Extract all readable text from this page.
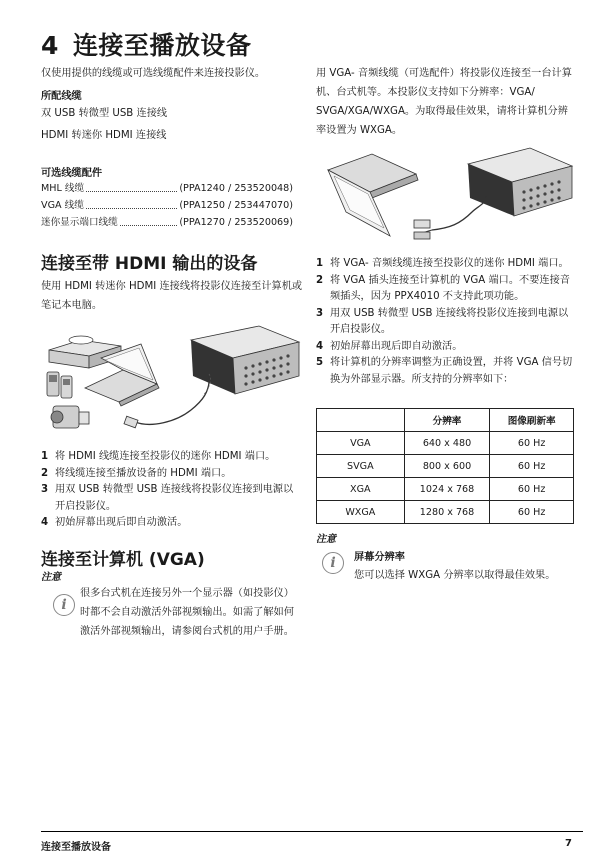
4 连接至播放设备
仅使用提供的线缆或可选线缆配件来连接投影仪。
所配线缆
双 USB 转微型 USB 连接线
HDMI 转迷你 HDMI 连接线
可选线缆配件
MHL 线缆	(PPA1240 / 253520048)
VGA 线缆	(PPA1250 / 253447070)
迷你显示端口线缆	(PPA1270 / 253520069)
连接至带 HDMI 输出的设备
使用 HDMI 转迷你 HDMI 连接线将投影仪连接至计算机或笔记本电脑。
1 将 HDMI 线缆连接至投影仪的迷你 HDMI 端口。
2 将线缆连接至播放设备的 HDMI 端口。
3 用双 USB 转微型 USB 连接线将投影仪连接到电源以开启投影仪。
4 初始屏幕出现后即自动激活。
连接至计算机 (VGA)
注意
i
很多台式机在连接另外一个显示器（如投影仪）时都不会自动激活外部视频输出。如需了解如何激活外部视频输出，请参阅台式机的用户手册。
用 VGA- 音频线缆（可选配件）将投影仪连接至一台计算机、台式机等。本投影仪支持如下分辨率：VGA/ SVGA/XGA/WXGA。为取得最佳效果，请将计算机分辨率设置为 WXGA。
1 将 VGA- 音频线缆连接至投影仪的迷你 HDMI 端口。
2 将 VGA 插头连接至计算机的 VGA 端口。不要连接音频插头，因为 PPX4010 不支持此项功能。
3 用双 USB 转微型 USB 连接线将投影仪连接到电源以开启投影仪。
4 初始屏幕出现后即自动激活。
5 将计算机的分辨率调整为正确设置，并将 VGA 信号切换为外部显示器。所支持的分辨率如下：
	分辨率	图像刷新率
VGA	640 x 480	60 Hz
SVGA	800 x 600	60 Hz
XGA	1024 x 768	60 Hz
WXGA	1280 x 768	60 Hz
注意
i	屏幕分辨率
您可以选择 WXGA 分辨率以取得最佳效果。
连接至播放设备	7
